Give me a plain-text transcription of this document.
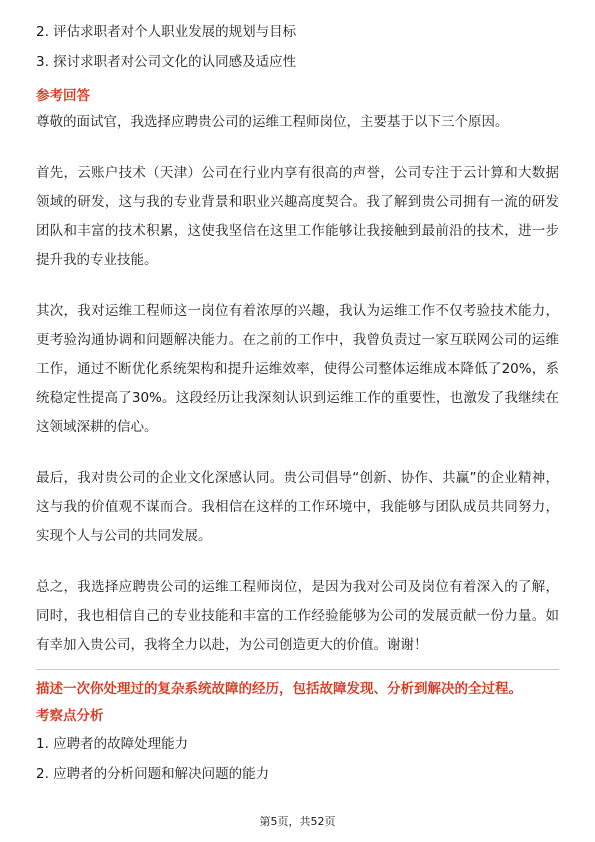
2. 评估求职者对个人职业发展的规划与目标

3. 探讨求职者对公司文化的认同感及适应性

参考回答

尊敬的面试官，我选择应聘贵公司的运维工程师岗位，主要基于以下三个原因。

首先，云账户技术（天津）公司在行业内享有很高的声誉，公司专注于云计算和大数据领域的研发，这与我的专业背景和职业兴趣高度契合。我了解到贵公司拥有一流的研发团队和丰富的技术积累，这使我坚信在这里工作能够让我接触到最前沿的技术，进一步提升我的专业技能。

其次，我对运维工程师这一岗位有着浓厚的兴趣，我认为运维工作不仅考验技术能力，更考验沟通协调和问题解决能力。在之前的工作中，我曾负责过一家互联网公司的运维工作，通过不断优化系统架构和提升运维效率，使得公司整体运维成本降低了20%，系统稳定性提高了30%。这段经历让我深刻认识到运维工作的重要性，也激发了我继续在这领域深耕的信心。

最后，我对贵公司的企业文化深感认同。贵公司倡导“创新、协作、共赢”的企业精神，这与我的价值观不谋而合。我相信在这样的工作环境中，我能够与团队成员共同努力，实现个人与公司的共同发展。

总之，我选择应聘贵公司的运维工程师岗位，是因为我对公司及岗位有着深入的了解，同时，我也相信自己的专业技能和丰富的工作经验能够为公司的发展贡献一份力量。如有幸加入贵公司，我将全力以赴，为公司创造更大的价值。谢谢！

描述一次你处理过的复杂系统故障的经历，包括故障发现、分析到解决的全过程。

考察点分析

1. 应聘者的故障处理能力

2. 应聘者的分析问题和解决问题的能力

第5页，共52页
